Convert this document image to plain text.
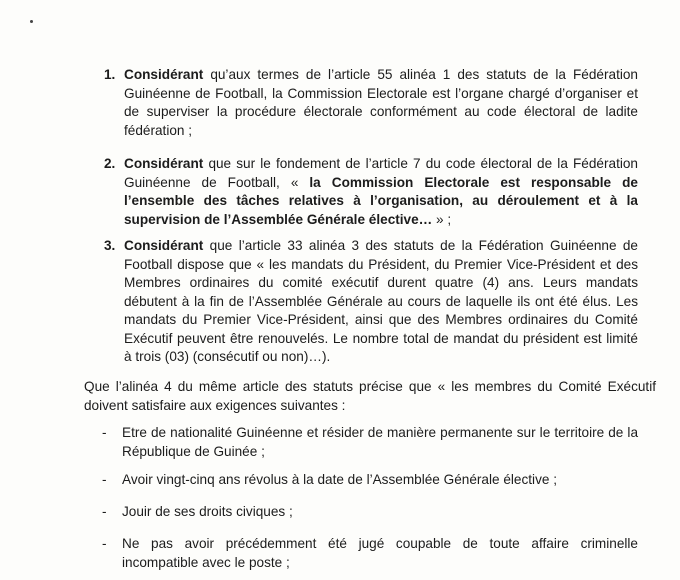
1. Considérant qu’aux termes de l’article 55 alinéa 1 des statuts de la Fédération Guinéenne de Football, la Commission Electorale est l’organe chargé d’organiser et de superviser la procédure électorale conformément au code électoral de ladite fédération ;
2. Considérant que sur le fondement de l’article 7 du code électoral de la Fédération Guinéenne de Football, « la Commission Electorale est responsable de l’ensemble des tâches relatives à l’organisation, au déroulement et à la supervision de l’Assemblée Générale élective… » ;
3. Considérant que l’article 33 alinéa 3 des statuts de la Fédération Guinéenne de Football dispose que « les mandats du Président, du Premier Vice-Président et des Membres ordinaires du comité exécutif durent quatre (4) ans. Leurs mandats débutent à la fin de l’Assemblée Générale au cours de laquelle ils ont été élus. Les mandats du Premier Vice-Président, ainsi que des Membres ordinaires du Comité Exécutif peuvent être renouvelés. Le nombre total de mandat du président est limité à trois (03) (consécutif ou non)…).
Que l’alinéa 4 du même article des statuts précise que « les membres du Comité Exécutif doivent satisfaire aux exigences suivantes :
- Etre de nationalité Guinéenne et résider de manière permanente sur le territoire de la République de Guinée ;
- Avoir vingt-cinq ans révolus à la date de l’Assemblée Générale élective ;
- Jouir de ses droits civiques ;
- Ne pas avoir précédemment été jugé coupable de toute affaire criminelle incompatible avec le poste ;
